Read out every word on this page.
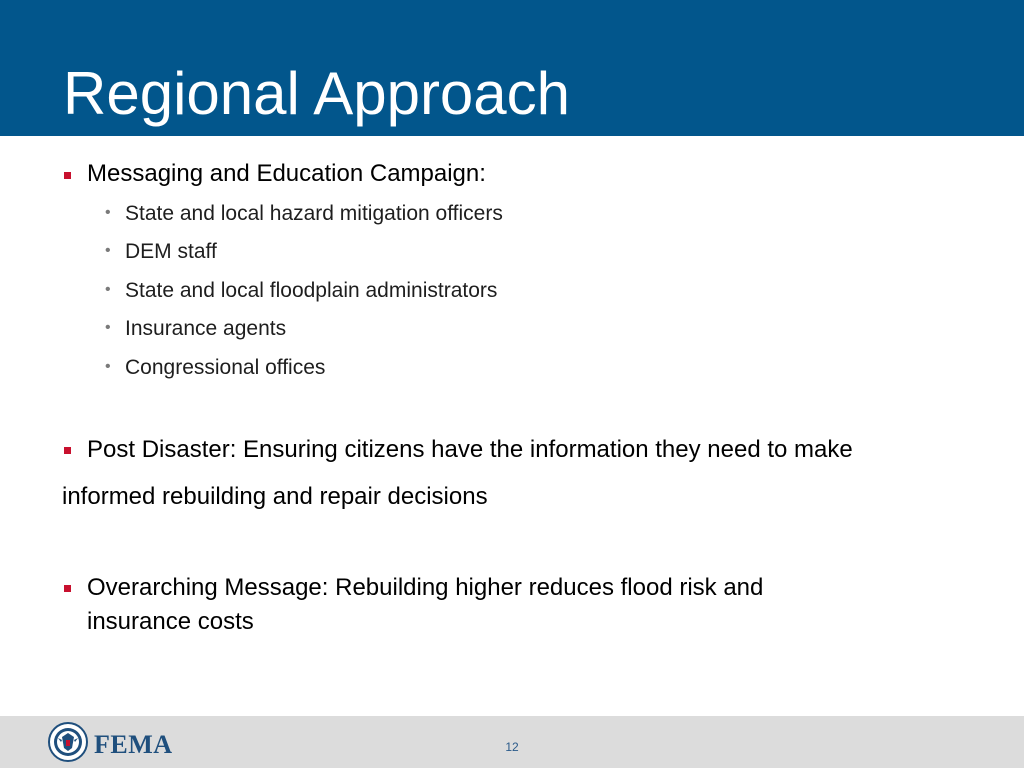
Regional Approach
Messaging and Education Campaign:
• State and local hazard mitigation officers
• DEM staff
• State and local floodplain administrators
• Insurance agents
• Congressional offices
Post Disaster: Ensuring citizens have the information they need to make
informed rebuilding and repair decisions
Overarching Message: Rebuilding higher reduces flood risk and
insurance costs
FEMA	12
